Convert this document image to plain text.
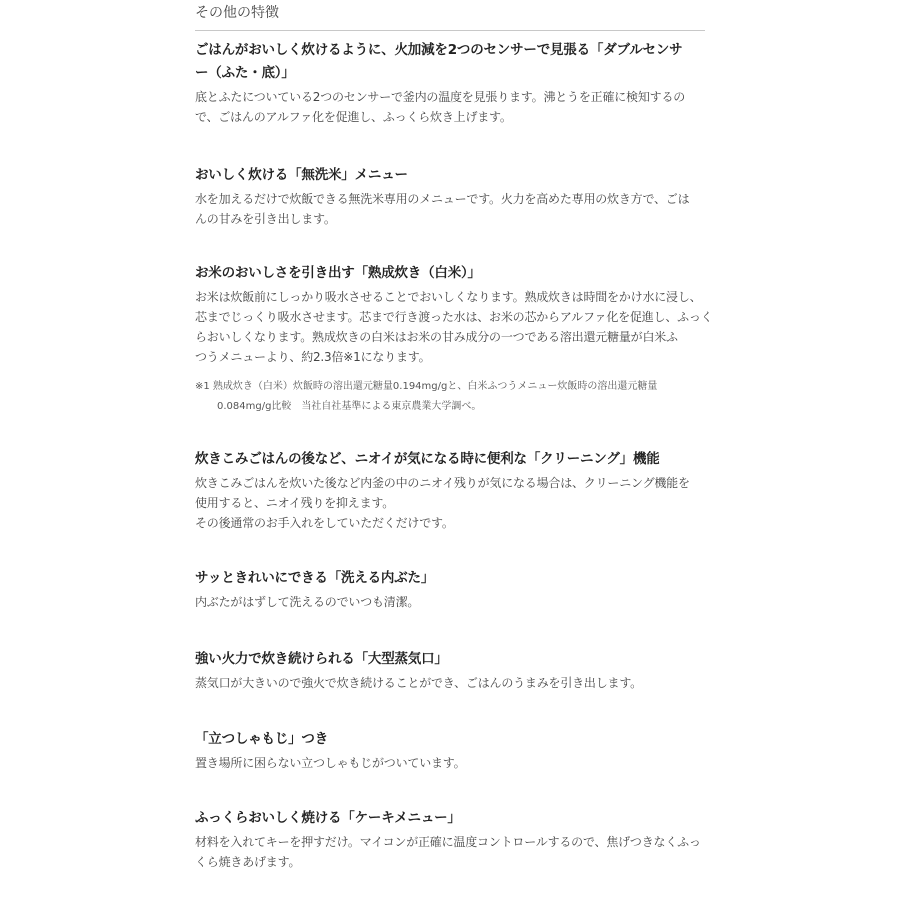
その他の特徴
ごはんがおいしく炊けるように、火加減を2つのセンサーで見張る「ダブルセンサ
ー（ふた・底）」
底とふたについている2つのセンサーで釜内の温度を見張ります。沸とうを正確に検知するの
で、ごはんのアルファ化を促進し、ふっくら炊き上げます。
おいしく炊ける「無洗米」メニュー
水を加えるだけで炊飯できる無洗米専用のメニューです。火力を高めた専用の炊き方で、ごは
んの甘みを引き出します。
お米のおいしさを引き出す「熟成炊き（白米）」
お米は炊飯前にしっかり吸水させることでおいしくなります。熟成炊きは時間をかけ水に浸し、
芯までじっくり吸水させます。芯まで行き渡った水は、お米の芯からアルファ化を促進し、ふっく
らおいしくなります。熟成炊きの白米はお米の甘み成分の一つである溶出還元糖量が白米ふ
つうメニューより、約2.3倍※1になります。
※1 熟成炊き（白米）炊飯時の溶出還元糖量0.194mg/gと、白米ふつうメニュー炊飯時の溶出還元糖量
0.084mg/g比較　当社自社基準による東京農業大学調べ。
炊きこみごはんの後など、ニオイが気になる時に便利な「クリーニング」機能
炊きこみごはんを炊いた後など内釜の中のニオイ残りが気になる場合は、クリーニング機能を
使用すると、ニオイ残りを抑えます。
その後通常のお手入れをしていただくだけです。
サッときれいにできる「洗える内ぶた」
内ぶたがはずして洗えるのでいつも清潔。
強い火力で炊き続けられる「大型蒸気口」
蒸気口が大きいので強火で炊き続けることができ、ごはんのうまみを引き出します。
「立つしゃもじ」つき
置き場所に困らない立つしゃもじがついています。
ふっくらおいしく焼ける「ケーキメニュー」
材料を入れてキーを押すだけ。マイコンが正確に温度コントロールするので、焦げつきなくふっ
くら焼きあげます。
